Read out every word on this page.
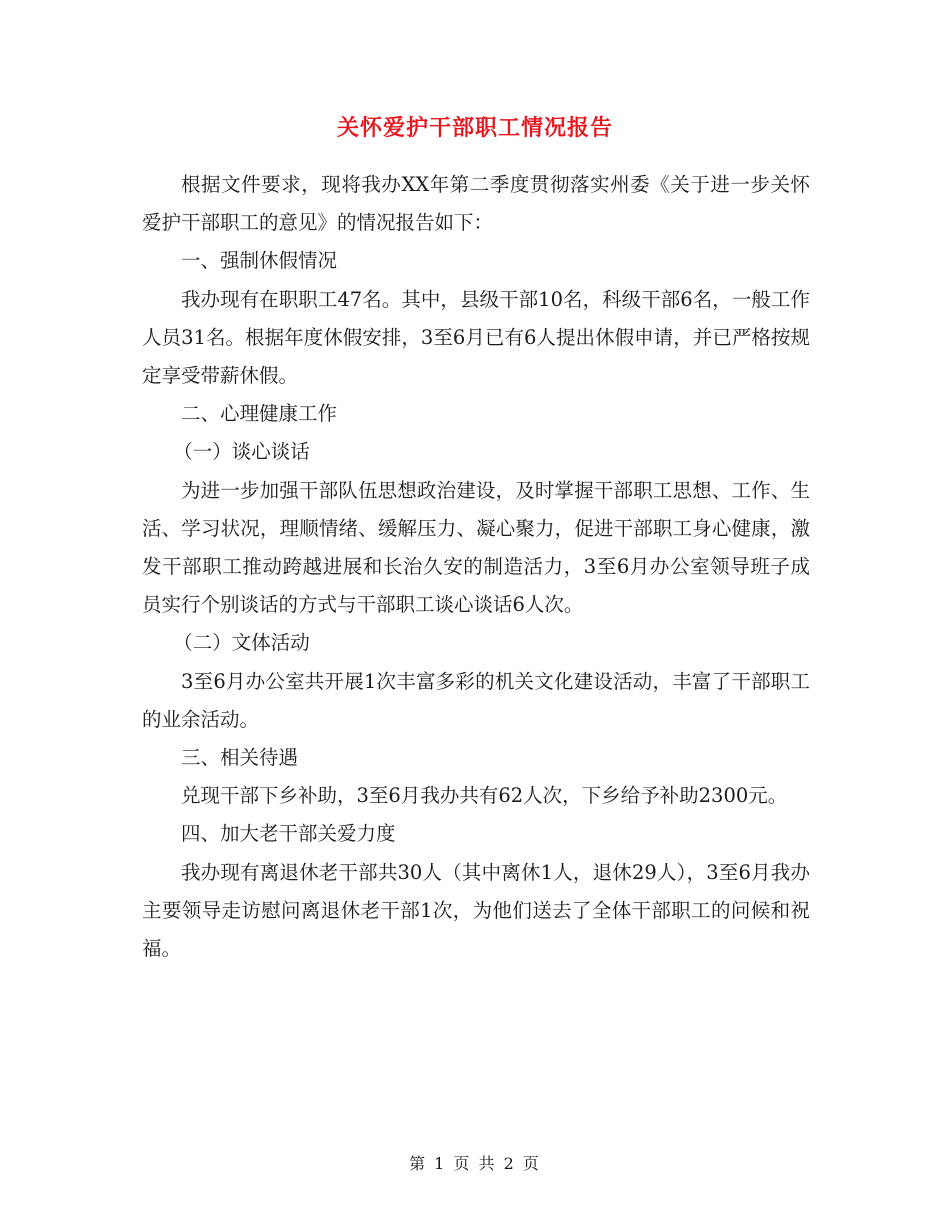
关怀爱护干部职工情况报告

根据文件要求，现将我办XX年第二季度贯彻落实州委《关于进一步关怀爱护干部职工的意见》的情况报告如下：

一、强制休假情况

我办现有在职职工47名。其中，县级干部10名，科级干部6名，一般工作人员31名。根据年度休假安排，3至6月已有6人提出休假申请，并已严格按规定享受带薪休假。

二、心理健康工作

（一）谈心谈话

为进一步加强干部队伍思想政治建设，及时掌握干部职工思想、工作、生活、学习状况，理顺情绪、缓解压力、凝心聚力，促进干部职工身心健康，激发干部职工推动跨越进展和长治久安的制造活力，3至6月办公室领导班子成员实行个别谈话的方式与干部职工谈心谈话6人次。

（二）文体活动

3至6月办公室共开展1次丰富多彩的机关文化建设活动，丰富了干部职工的业余活动。

三、相关待遇

兑现干部下乡补助，3至6月我办共有62人次，下乡给予补助2300元。

四、加大老干部关爱力度

我办现有离退休老干部共30人（其中离休1人，退休29人），3至6月我办主要领导走访慰问离退休老干部1次，为他们送去了全体干部职工的问候和祝福。

第 1 页 共 2 页
